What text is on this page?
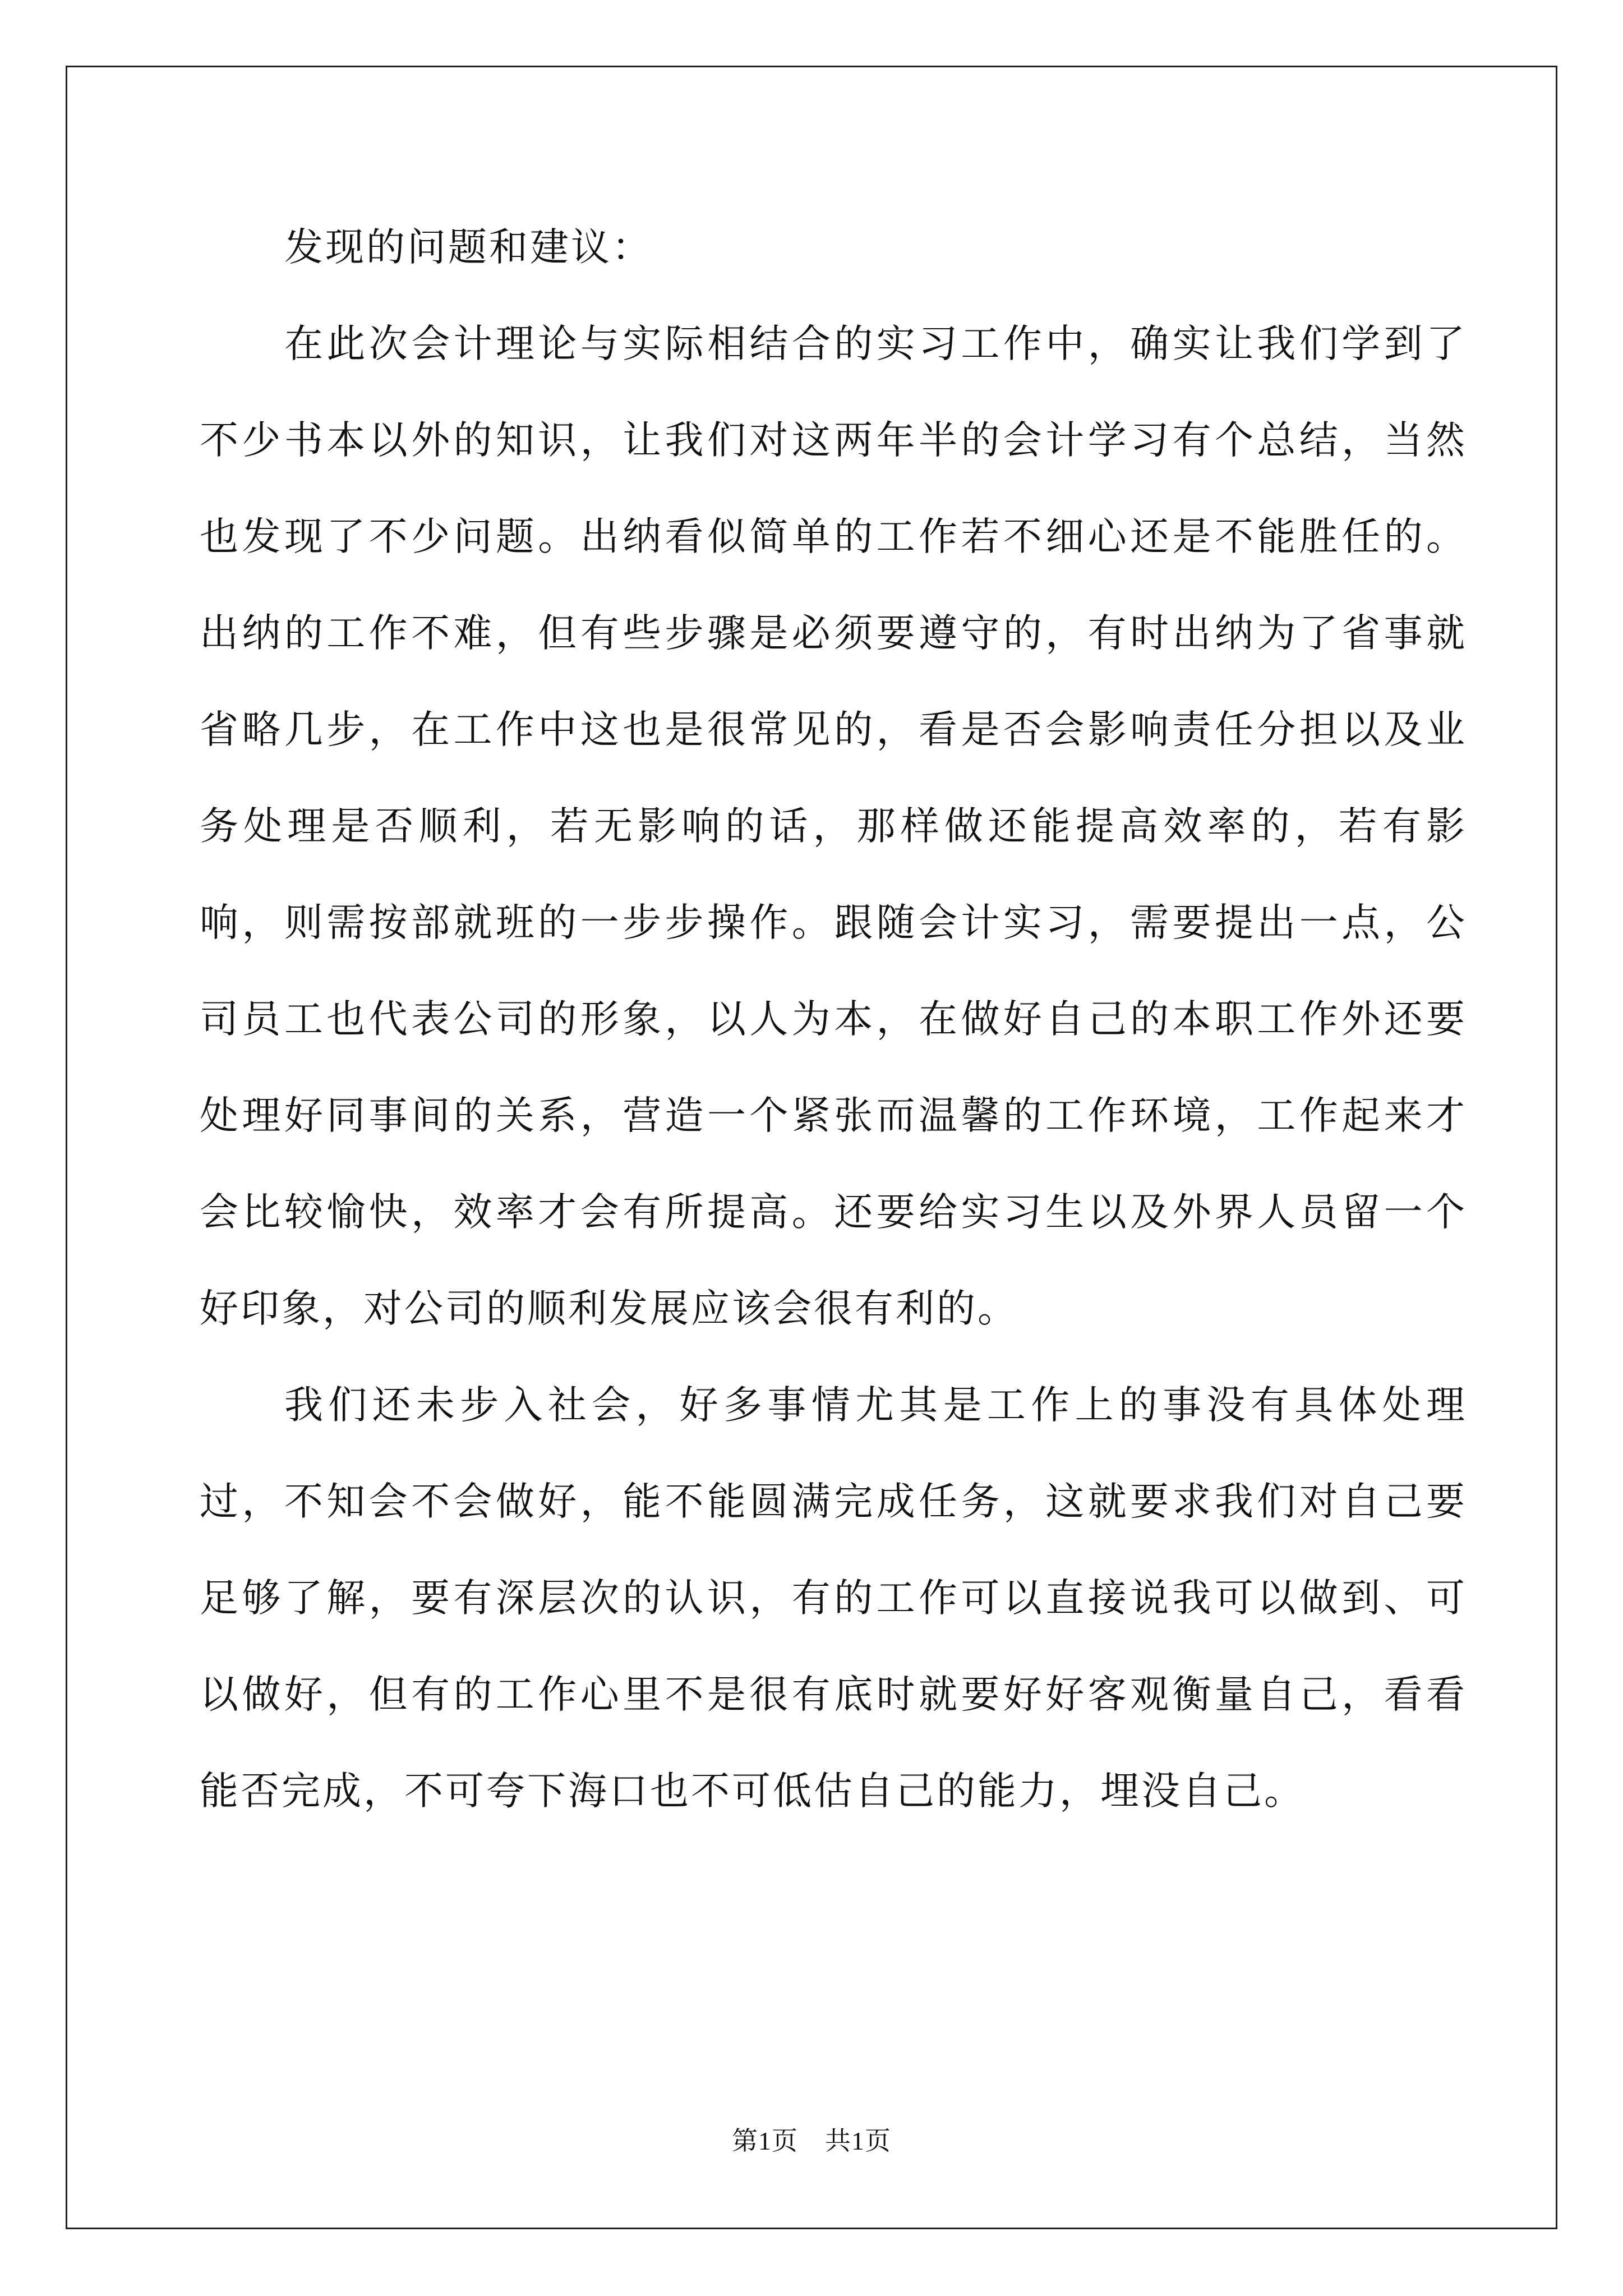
发现的问题和建议：

在此次会计理论与实际相结合的实习工作中，确实让我们学到了不少书本以外的知识，让我们对这两年半的会计学习有个总结，当然也发现了不少问题。出纳看似简单的工作若不细心还是不能胜任的。出纳的工作不难，但有些步骤是必须要遵守的，有时出纳为了省事就省略几步，在工作中这也是很常见的，看是否会影响责任分担以及业务处理是否顺利，若无影响的话，那样做还能提高效率的，若有影响，则需按部就班的一步步操作。跟随会计实习，需要提出一点，公司员工也代表公司的形象，以人为本，在做好自己的本职工作外还要处理好同事间的关系，营造一个紧张而温馨的工作环境，工作起来才会比较愉快，效率才会有所提高。还要给实习生以及外界人员留一个好印象，对公司的顺利发展应该会很有利的。

我们还未步入社会，好多事情尤其是工作上的事没有具体处理过，不知会不会做好，能不能圆满完成任务，这就要求我们对自己要足够了解，要有深层次的认识，有的工作可以直接说我可以做到、可以做好，但有的工作心里不是很有底时就要好好客观衡量自己，看看能否完成，不可夸下海口也不可低估自己的能力，埋没自己。

第1页 共1页
